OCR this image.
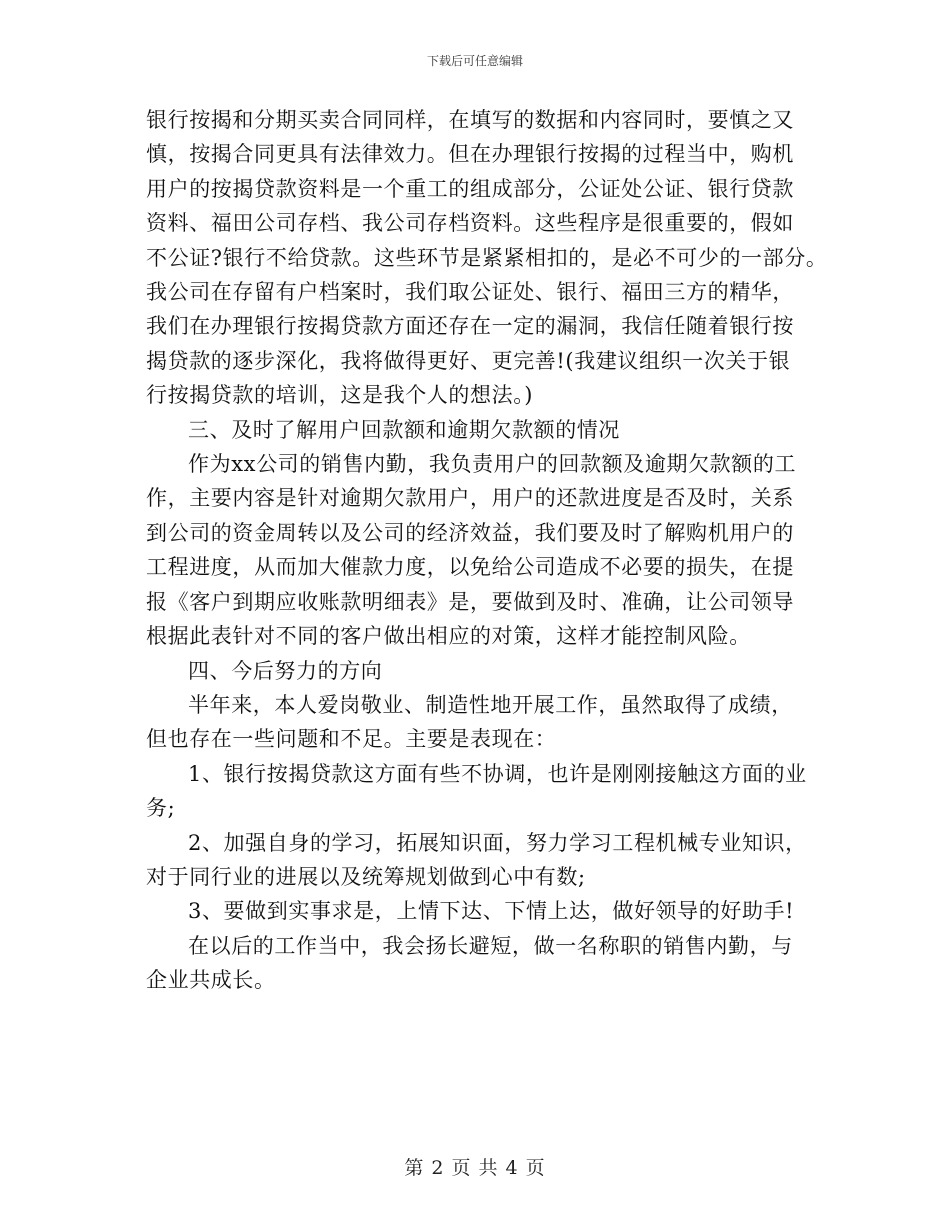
下载后可任意编辑

银行按揭和分期买卖合同同样，在填写的数据和内容同时，要慎之又
慎，按揭合同更具有法律效力。但在办理银行按揭的过程当中，购机
用户的按揭贷款资料是一个重工的组成部分，公证处公证、银行贷款
资料、福田公司存档、我公司存档资料。这些程序是很重要的，假如
不公证?银行不给贷款。这些环节是紧紧相扣的，是必不可少的一部分。
我公司在存留有户档案时，我们取公证处、银行、福田三方的精华，
我们在办理银行按揭贷款方面还存在一定的漏洞，我信任随着银行按
揭贷款的逐步深化，我将做得更好、更完善!(我建议组织一次关于银
行按揭贷款的培训，这是我个人的想法。)

三、及时了解用户回款额和逾期欠款额的情况

作为xx公司的销售内勤，我负责用户的回款额及逾期欠款额的工
作，主要内容是针对逾期欠款用户，用户的还款进度是否及时，关系
到公司的资金周转以及公司的经济效益，我们要及时了解购机用户的
工程进度，从而加大催款力度，以免给公司造成不必要的损失，在提
报《客户到期应收账款明细表》是，要做到及时、准确，让公司领导
根据此表针对不同的客户做出相应的对策，这样才能控制风险。

四、今后努力的方向

半年来，本人爱岗敬业、制造性地开展工作，虽然取得了成绩，
但也存在一些问题和不足。主要是表现在：

1、银行按揭贷款这方面有些不协调，也许是刚刚接触这方面的业
务;

2、加强自身的学习，拓展知识面，努力学习工程机械专业知识，
对于同行业的进展以及统筹规划做到心中有数;

3、要做到实事求是，上情下达、下情上达，做好领导的好助手!

在以后的工作当中，我会扬长避短，做一名称职的销售内勤，与
企业共成长。

第 2 页 共 4 页
